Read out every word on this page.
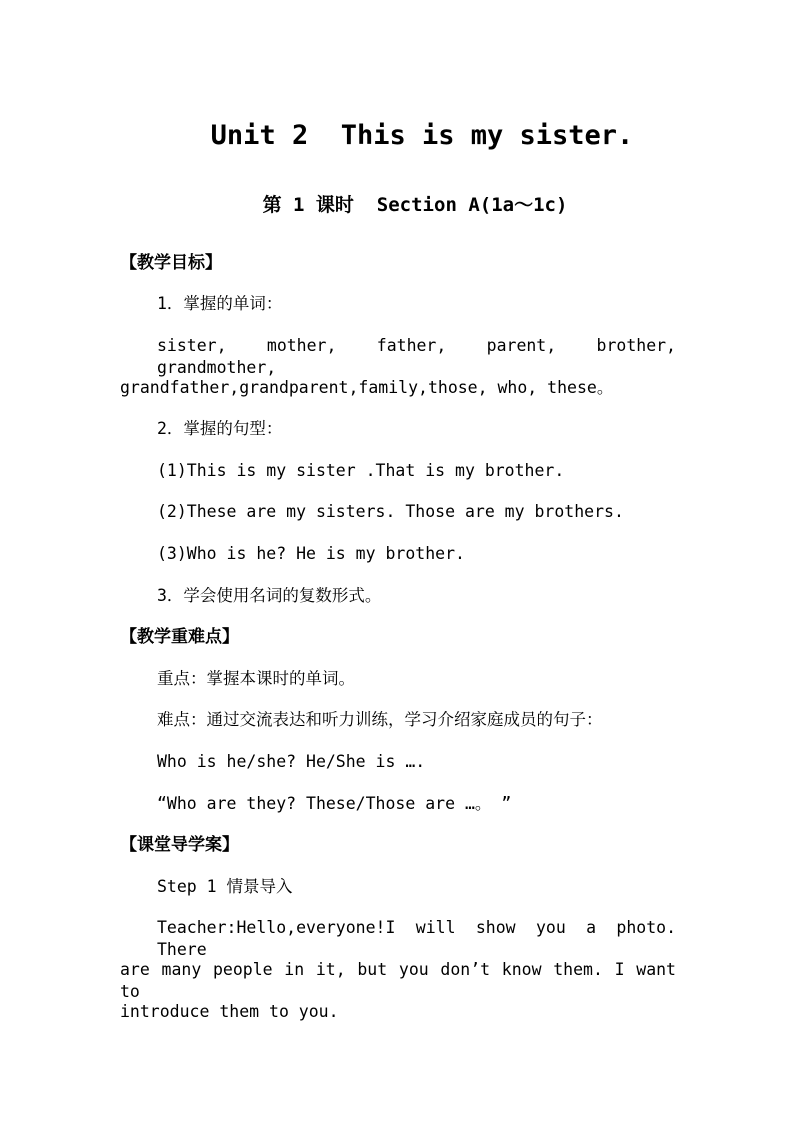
Unit 2  This is my sister.
第 1 课时  Section A(1a～1c)
【教学目标】
1．掌握的单词：
sister, mother, father, parent, brother, grandmother,
grandfather,grandparent,family,those, who, these。
2．掌握的句型：
(1)This is my sister .That is my brother.
(2)These are my sisters. Those are my brothers.
(3)Who is he? He is my brother.
3．学会使用名词的复数形式。
【教学重难点】
重点：掌握本课时的单词。
难点：通过交流表达和听力训练，学习介绍家庭成员的句子：
Who is he/she? He/She is ….
“Who are they? These/Those are …。 ”
【课堂导学案】
Step 1 情景导入
Teacher:Hello,everyone!I will show you a photo. There
are many people in it, but you don’t know them. I want to
introduce them to you.
